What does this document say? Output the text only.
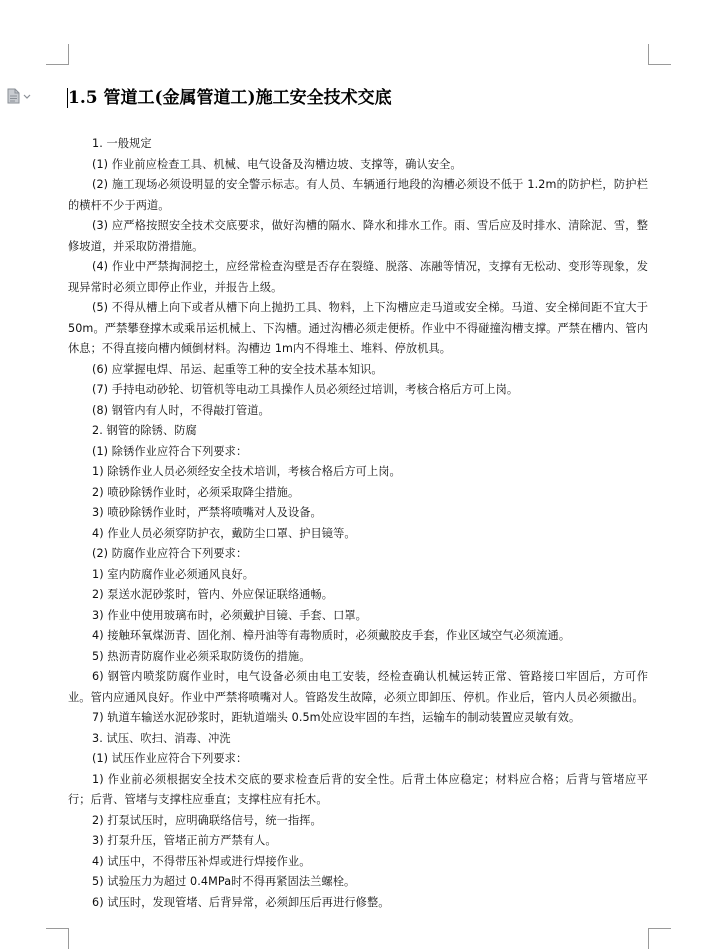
1.5 管道工(金属管道工)施工安全技术交底

1. 一般规定

(1) 作业前应检查工具、机械、电气设备及沟槽边坡、支撑等，确认安全。

(2) 施工现场必须设明显的安全警示标志。有人员、车辆通行地段的沟槽必须设不低于 1.2m的防护栏，防护栏的横杆不少于两道。

(3) 应严格按照安全技术交底要求，做好沟槽的隔水、降水和排水工作。雨、雪后应及时排水、清除泥、雪，整修坡道，并采取防滑措施。

(4) 作业中严禁掏洞挖土，应经常检查沟壁是否存在裂缝、脱落、冻融等情况，支撑有无松动、变形等现象，发现异常时必须立即停止作业，并报告上级。

(5) 不得从槽上向下或者从槽下向上抛扔工具、物料，上下沟槽应走马道或安全梯。马道、安全梯间距不宜大于 50m。严禁攀登撑木或乘吊运机械上、下沟槽。通过沟槽必须走便桥。作业中不得碰撞沟槽支撑。严禁在槽内、管内休息；不得直接向槽内倾倒材料。沟槽边 1m内不得堆土、堆料、停放机具。

(6) 应掌握电焊、吊运、起重等工种的安全技术基本知识。

(7) 手持电动砂轮、切管机等电动工具操作人员必须经过培训，考核合格后方可上岗。

(8) 钢管内有人时，不得敲打管道。

2. 钢管的除锈、防腐

(1) 除锈作业应符合下列要求：

1) 除锈作业人员必须经安全技术培训，考核合格后方可上岗。

2) 喷砂除锈作业时，必须采取降尘措施。

3) 喷砂除锈作业时，严禁将喷嘴对人及设备。

4) 作业人员必须穿防护衣，戴防尘口罩、护目镜等。

(2) 防腐作业应符合下列要求：

1) 室内防腐作业必须通风良好。

2) 泵送水泥砂浆时，管内、外应保证联络通畅。

3) 作业中使用玻璃布时，必须戴护目镜、手套、口罩。

4) 接触环氧煤沥青、固化剂、樟丹油等有毒物质时，必须戴胶皮手套，作业区域空气必须流通。

5) 热沥青防腐作业必须采取防烫伤的措施。

6) 钢管内喷浆防腐作业时，电气设备必须由电工安装，经检查确认机械运转正常、管路接口牢固后，方可作业。管内应通风良好。作业中严禁将喷嘴对人。管路发生故障，必须立即卸压、停机。作业后，管内人员必须撤出。

7) 轨道车输送水泥砂浆时，距轨道端头 0.5m处应设牢固的车挡，运输车的制动装置应灵敏有效。

3. 试压、吹扫、消毒、冲洗

(1) 试压作业应符合下列要求：

1) 作业前必须根据安全技术交底的要求检查后背的安全性。后背土体应稳定；材料应合格；后背与管堵应平行；后背、管堵与支撑柱应垂直；支撑柱应有托木。

2) 打泵试压时，应明确联络信号，统一指挥。

3) 打泵升压，管堵正前方严禁有人。

4) 试压中，不得带压补焊或进行焊接作业。

5) 试验压力为超过 0.4MPa时不得再紧固法兰螺栓。

6) 试压时，发现管堵、后背异常，必须卸压后再进行修整。
